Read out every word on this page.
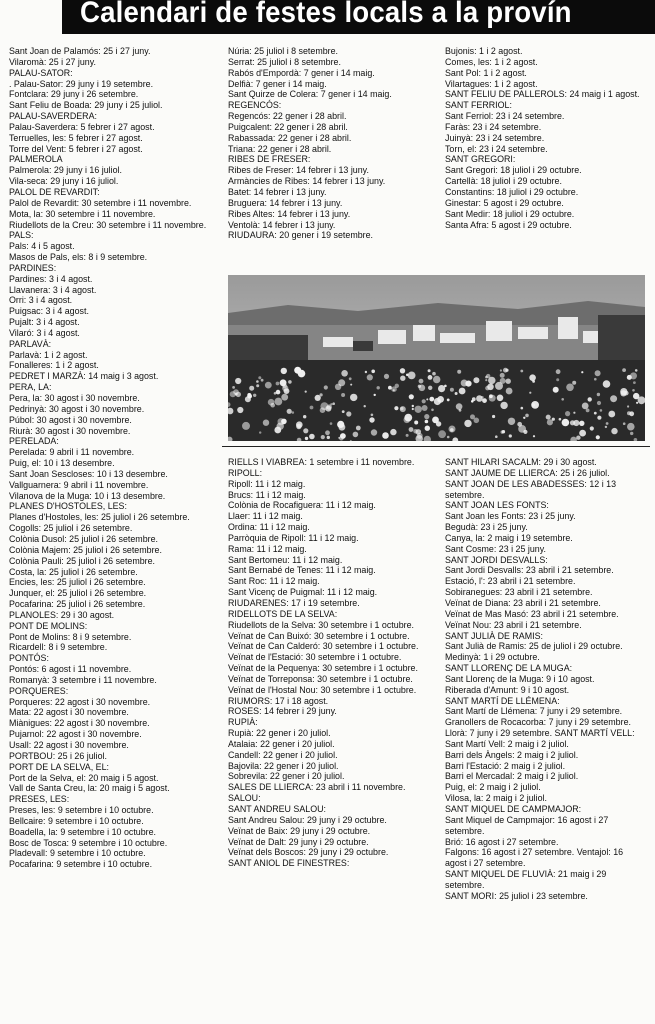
Calendari de festes locals a la provín

Sant Joan de Palamós: 25 i 27 juny.

Vilaromà: 25 i 27 juny.

PALAU-SATOR:

. Palau-Sator: 29 juny i 19 setembre.

Fontclara: 29 juny i 26 setembre.

Sant Feliu de Boada: 29 juny i 25 juliol.

PALAU-SAVERDERA:

Palau-Saverdera: 5 febrer i 27 agost.

Terruelles, les: 5 febrer i 27 agost.

Torre del Vent: 5 febrer i 27 agost.

PALMEROLA

Palmerola: 29 juny i 16 juliol.

Vila-seca: 29 juny i 16 juliol.

PALOL DE REVARDIT:

Palol de Revardit: 30 setembre i 11 novembre.

Mota, la: 30 setembre i 11 novembre.

Riudellots de la Creu: 30 setembre i 11 novembre.

PALS:

Pals: 4 i 5 agost.

Masos de Pals, els: 8 i 9 setembre.

PARDINES:

Pardines: 3 i 4 agost.

Llavanera: 3 i 4 agost.

Orri: 3 i 4 agost.

Puigsac: 3 i 4 agost.

Pujalt: 3 i 4 agost.

Vilaró: 3 i 4 agost.

PARLAVÀ:

Parlavà: 1 i 2 agost.

Fonalleres: 1 i 2 agost.

PEDRET I MARZÀ: 14 maig i 3 agost.

PERA, LA:

Pera, la: 30 agost i 30 novembre.

Pedrinyà: 30 agost i 30 novembre.

Púbol: 30 agost i 30 novembre.

Riurà: 30 agost i 30 novembre.

PERELADA:

Perelada: 9 abril i 11 novembre.

Puig, el: 10 i 13 desembre.

Sant Joan Sescloses: 10 i 13 desembre.

Vallguarnera: 9 abril i 11 novembre.

Vilanova de la Muga: 10 i 13 desembre.

PLANES D'HOSTOLES, LES:

Planes d'Hostoles, les: 25 juliol i 26 setembre.

Cogolls: 25 juliol i 26 setembre.

Colònia Dusol: 25 juliol i 26 setembre.

Colònia Majem: 25 juliol i 26 setembre.

Colònia Pauli: 25 juliol i 26 setembre.

Costa, la: 25 juliol i 26 setembre.

Encies, les: 25 juliol i 26 setembre.

Junquer, el: 25 juliol i 26 setembre.

Pocafarina: 25 juliol i 26 setembre.

PLANOLES: 29 i 30 agost.

PONT DE MOLINS:

Pont de Molins: 8 i 9 setembre.

Ricardell: 8 i 9 setembre.

PONTÓS:

Pontós: 6 agost i 11 novembre.

Romanyà: 3 setembre i 11 novembre.

PORQUERES:

Porqueres: 22 agost i 30 novembre.

Mata: 22 agost i 30 novembre.

Miànigues: 22 agost i 30 novembre.

Pujarnol: 22 agost i 30 novembre.

Usall: 22 agost i 30 novembre.

PORTBOU: 25 i 26 juliol.

PORT DE LA SELVA, EL:

Port de la Selva, el: 20 maig i 5 agost.

Vall de Santa Creu, la: 20 maig i 5 agost.

PRESES, LES:

Preses, les: 9 setembre i 10 octubre.

Bellcaire: 9 setembre i 10 octubre.

Boadella, la: 9 setembre i 10 octubre.

Bosc de Tosca: 9 setembre i 10 octubre.

Pladevall: 9 setembre i 10 octubre.

Pocafarina: 9 setembre i 10 octubre.

Núria: 25 juliol i 8 setembre.

Serrat: 25 juliol i 8 setembre.

Rabós d'Empordà: 7 gener i 14 maig.

Delfià: 7 gener i 14 maig.

Sant Quirze de Colera: 7 gener i 14 maig.

REGENCÓS:

Regencós: 22 gener i 28 abril.

Puigcalent: 22 gener i 28 abril.

Rabassada: 22 gener i 28 abril.

Triana: 22 gener i 28 abril.

RIBES DE FRESER:

Ribes de Freser: 14 febrer i 13 juny.

Armàncies de Ribes: 14 febrer i 13 juny.

Batet: 14 febrer i 13 juny.

Bruguera: 14 febrer i 13 juny.

Ribes Altes: 14 febrer i 13 juny.

Ventolà: 14 febrer i 13 juny.

RIUDAURA: 20 gener i 19 setembre.

Bujonis: 1 i 2 agost.

Comes, les: 1 i 2 agost.

Sant Pol: 1 i 2 agost.

Vilartagues: 1 i 2 agost.

SANT FELIU DE PALLEROLS: 24 maig i 1 agost.

SANT FERRIOL:

Sant Ferriol: 23 i 24 setembre.

Faràs: 23 i 24 setembre.

Juinyà: 23 i 24 setembre.

Torn, el: 23 i 24 setembre.

SANT GREGORI:

Sant Gregori: 18 juliol i 29 octubre.

Cartellà: 18 juliol i 29 octubre.

Constantins: 18 juliol i 29 octubre.

Ginestar: 5 agost i 29 octubre.

Sant Medir: 18 juliol i 29 octubre.

Santa Afra: 5 agost i 29 octubre.

RIELLS I VIABREA: 1 setembre i 11 novembre.

RIPOLL:

Ripoll: 11 i 12 maig.

Brucs: 11 i 12 maig.

Colònia de Rocafiguera: 11 i 12 maig.

Llaer: 11 i 12 maig.

Ordina: 11 i 12 maig.

Parròquia de Ripoll: 11 i 12 maig.

Rama: 11 i 12 maig.

Sant Bertomeu: 11 i 12 maig.

Sant Bernabé de Tenes: 11 i 12 maig.

Sant Roc: 11 i 12 maig.

Sant Vicenç de Puigmal: 11 i 12 maig.

RIUDARENES: 17 i 19 setembre.

RIDELLOTS DE LA SELVA:

Riudellots de la Selva: 30 setembre i 1 octubre.

Veïnat de Can Buixó: 30 setembre i 1 octubre.

Veïnat de Can Calderó: 30 setembre i 1 octubre.

Veïnat de l'Estació: 30 setembre i 1 octubre.

Veïnat de la Pequenya: 30 setembre i 1 octubre.

Veïnat de Torreponsa: 30 setembre i 1 octubre.

Veïnat de l'Hostal Nou: 30 setembre i 1 octubre.

RIUMORS: 17 i 18 agost.

ROSES: 14 febrer i 29 juny.

RUPIÀ:

Rupià: 22 gener i 20 juliol.

Atalaia: 22 gener i 20 juliol.

Candell: 22 gener i 20 juliol.

Bajovila: 22 gener i 20 juliol.

Sobrevila: 22 gener i 20 juliol.

SALES DE LLIERCA: 23 abril i 11 novembre.

SALOU:

SANT ANDREU SALOU:

Sant Andreu Salou: 29 juny i 29 octubre.

Veïnat de Baix: 29 juny i 29 octubre.

Veïnat de Dalt: 29 juny i 29 octubre.

Veïnat dels Boscos: 29 juny i 29 octubre.

SANT ANIOL DE FINESTRES:

SANT HILARI SACALM: 29 i 30 agost.

SANT JAUME DE LLIERCA: 25 i 26 juliol.

SANT JOAN DE LES ABADESSES: 12 i 13 setembre.

SANT JOAN LES FONTS:

Sant Joan les Fonts: 23 i 25 juny.

Begudà: 23 i 25 juny.

Canya, la: 2 maig i 19 setembre.

Sant Cosme: 23 i 25 juny.

SANT JORDI DESVALLS:

Sant Jordi Desvalls: 23 abril i 21 setembre.

Estació, l': 23 abril i 21 setembre.

Sobiranegues: 23 abril i 21 setembre.

Veïnat de Diana: 23 abril i 21 setembre.

Veïnat de Mas Masó: 23 abril i 21 setembre.

Veïnat Nou: 23 abril i 21 setembre.

SANT JULIÀ DE RAMIS:

Sant Julià de Ramis: 25 de juliol i 29 octubre.

Medinyà: 1 i 29 octubre.

SANT LLORENÇ DE LA MUGA:

Sant Llorenç de la Muga: 9 i 10 agost.

Riberada d'Amunt: 9 i 10 agost.

SANT MARTÍ DE LLÉMENA:

Sant Martí de Llémena: 7 juny i 29 setembre.

Granollers de Rocacorba: 7 juny i 29 setembre.

Llorà: 7 juny i 29 setembre. SANT MARTÍ VELL:

Sant Martí Vell: 2 maig i 2 juliol.

Barri dels Àngels: 2 maig i 2 juliol.

Barri l'Estació: 2 maig i 2 juliol.

Barri el Mercadal: 2 maig i 2 juliol.

Puig, el: 2 maig i 2 juliol.

Vilosa, la: 2 maig i 2 juliol.

SANT MIQUEL DE CAMPMAJOR:

Sant Miquel de Campmajor: 16 agost i 27 setembre.

Brió: 16 agost i 27 setembre.

Falgons: 16 agost i 27 setembre. Ventajol: 16 agost i 27 setembre.

SANT MIQUEL DE FLUVIÀ: 21 maig i 29 setembre.

SANT MORI: 25 juliol i 23 setembre.
